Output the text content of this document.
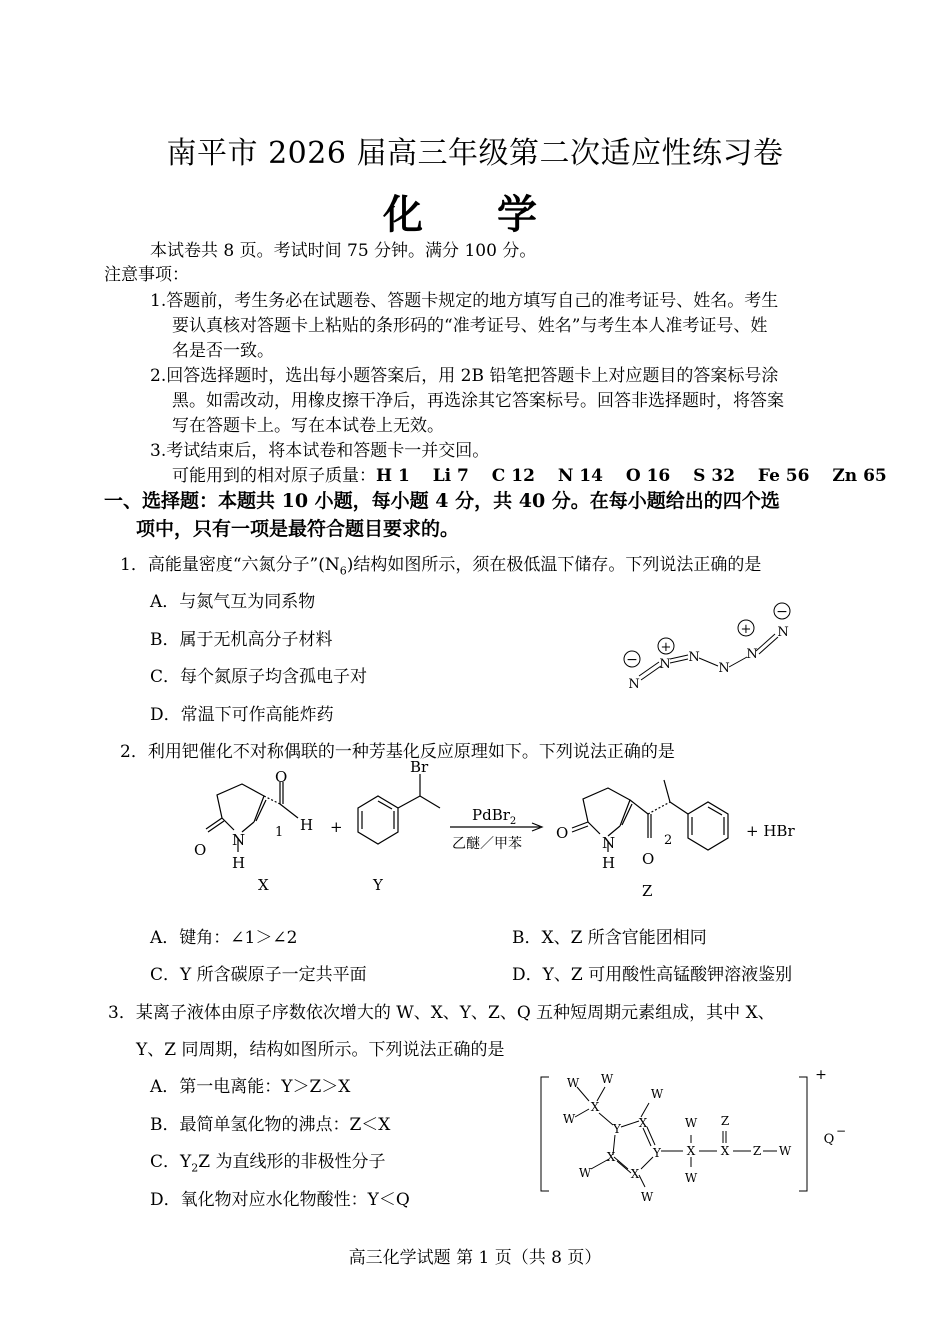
南平市 2026 届高三年级第二次适应性练习卷
化 学
本试卷共 8 页。考试时间 75 分钟。满分 100 分。
注意事项：
1.答题前，考生务必在试题卷、答题卡规定的地方填写自己的准考证号、姓名。考生
要认真核对答题卡上粘贴的条形码的“准考证号、姓名”与考生本人准考证号、姓
名是否一致。
2.回答选择题时，选出每小题答案后，用 2B 铅笔把答题卡上对应题目的答案标号涂
黑。如需改动，用橡皮擦干净后，再选涂其它答案标号。回答非选择题时，将答案
写在答题卡上。写在本试卷上无效。
3.考试结束后，将本试卷和答题卡一并交回。
可能用到的相对原子质量：H 1　 Li 7　 C 12　 N 14　 O 16　 S 32　 Fe 56　 Zn 65
一、选择题：本题共 10 小题，每小题 4 分，共 40 分。在每小题给出的四个选
项中，只有一项是最符合题目要求的。
1．高能量密度“六氮分子$”(N_6)$结构如图所示，须在极低温下储存。下列说法正确的是
A．与氮气互为同系物
B．属于无机高分子材料
C．每个氮原子均含孤电子对
D．常温下可作高能炸药
N
N N
N
N
N
−
+
+
−
2．利用钯催化不对称偶联的一种芳基化反应原理如下。下列说法正确的是
O
N
H
O
H
1
X
+
Br
Y
PdBr$_2$
乙醚／甲苯
O
N
H O
2
Z
+ HBr
A．键角：∠1＞∠2	B．X、Z 所含官能团相同
C．Y 所含碳原子一定共平面	D．Y、Z 可用酸性高锰酸钾溶液鉴别
3．某离子液体由原子序数依次增大的 W、X、Y、Z、Q 五种短周期元素组成，其中 X、
Y、Z 同周期，结构如图所示。下列说法正确的是
A．第一电离能：Y＞Z＞X
B．最简单氢化物的沸点：Z＜X
C．$Y_2Z$ 为直线形的非极性分子
D．氧化物对应水化物酸性：Y＜Q
W W
W
X
Y X
W
Y
X
X
W
W
X
W
W
X
Z
Z W
+
Q
−
高三化学试题 第 1 页（共 8 页）
